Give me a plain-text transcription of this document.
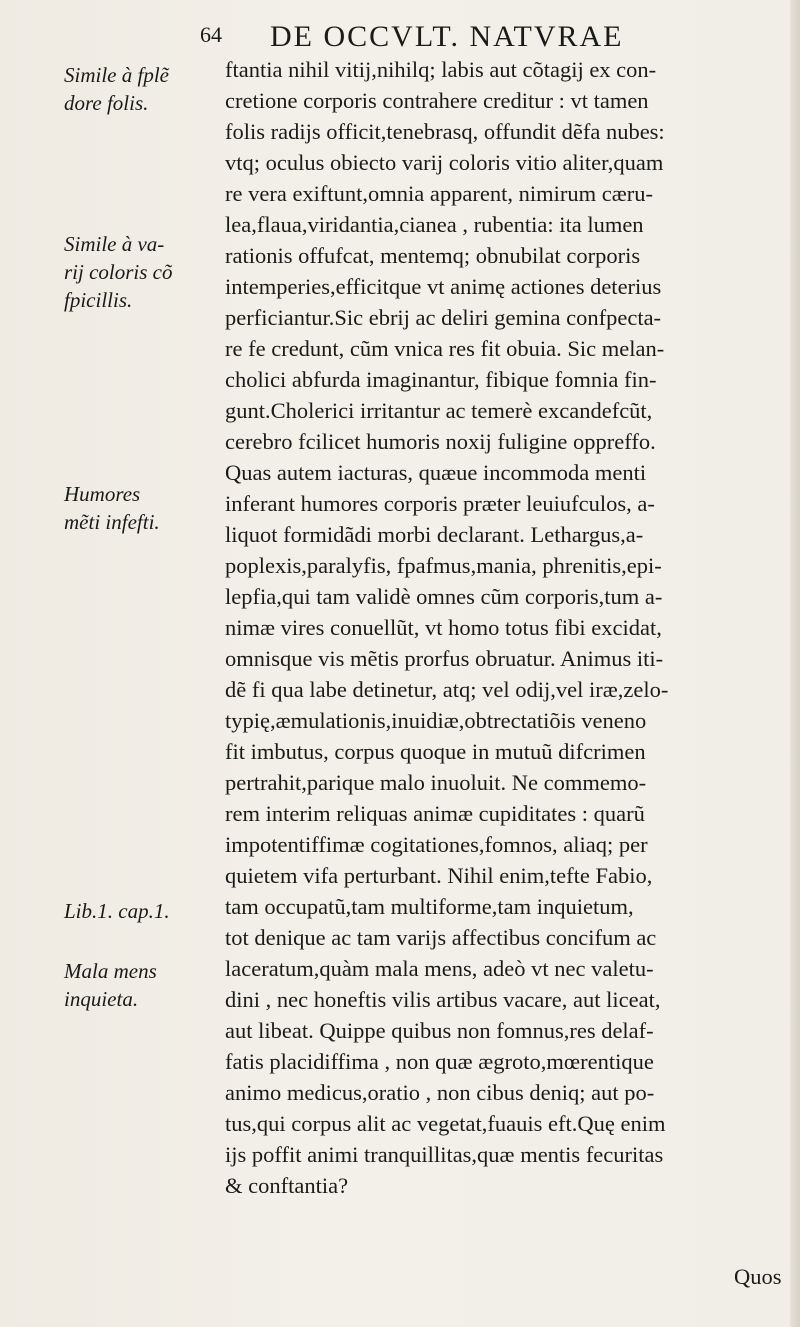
64 DE OCCVLT. NATVRAE
ftantia nihil vitij,nihilq; labis aut cõtagij ex con-
cretione corporis contrahere creditur : vt tamen
folis radijs officit,tenebrasq, offundit dẽfa nubes:
vtq; oculus obiecto varij coloris vitio aliter,quam
re vera exiftunt,omnia apparent, nimirum cæru-
lea,flaua,viridantia,cianea , rubentia: ita lumen
rationis offufcat, mentemq; obnubilat corporis
intemperies,efficitque vt animę actiones deterius
perficiantur.Sic ebrij ac deliri gemina confpecta-
re fe credunt, cũm vnica res fit obuia. Sic melan-
cholici abfurda imaginantur, fibique fomnia fin-
gunt.Cholerici irritantur ac temerè excandefcũt,
cerebro fcilicet humoris noxij fuligine oppreffo.
Quas autem iacturas, quæue incommoda menti
inferant humores corporis præter leuiufculos, a-
liquot formidãdi morbi declarant. Lethargus,a-
poplexis,paralyfis, fpafmus,mania, phrenitis,epi-
lepfia,qui tam validè omnes cũm corporis,tum a-
nimæ vires conuellũt, vt homo totus fibi excidat,
omnisque vis mẽtis prorfus obruatur. Animus iti-
dẽ fi qua labe detinetur, atq; vel odij,vel iræ,zelo-
typię,æmulationis,inuidiæ,obtrectatiõis veneno
fit imbutus, corpus quoque in mutuũ difcrimen
pertrahit,parique malo inuoluit. Ne commemo-
rem interim reliquas animæ cupiditates : quarũ
impotentiffimæ cogitationes,fomnos, aliaq; per
quietem vifa perturbant. Nihil enim,tefte Fabio,
tam occupatũ,tam multiforme,tam inquietum,
tot denique ac tam varijs affectibus concifum ac
laceratum,quàm mala mens, adeò vt nec valetu-
dini , nec honeftis vilis artibus vacare, aut liceat,
aut libeat. Quippe quibus non fomnus,res delaf-
fatis placidiffima , non quæ ægroto,mœrentique
animo medicus,oratio , non cibus deniq; aut po-
tus,qui corpus alit ac vegetat,fuauis eft.Quę enim
ijs poffit animi tranquillitas,quæ mentis fecuritas
& conftantia?
Simile à fplẽ
dore folis.
Simile à va-
rij coloris cõ
fpicillis.
Humores
mẽti infefti.
Lib.1. cap.1.
Mala mens
inquieta.
Quos
